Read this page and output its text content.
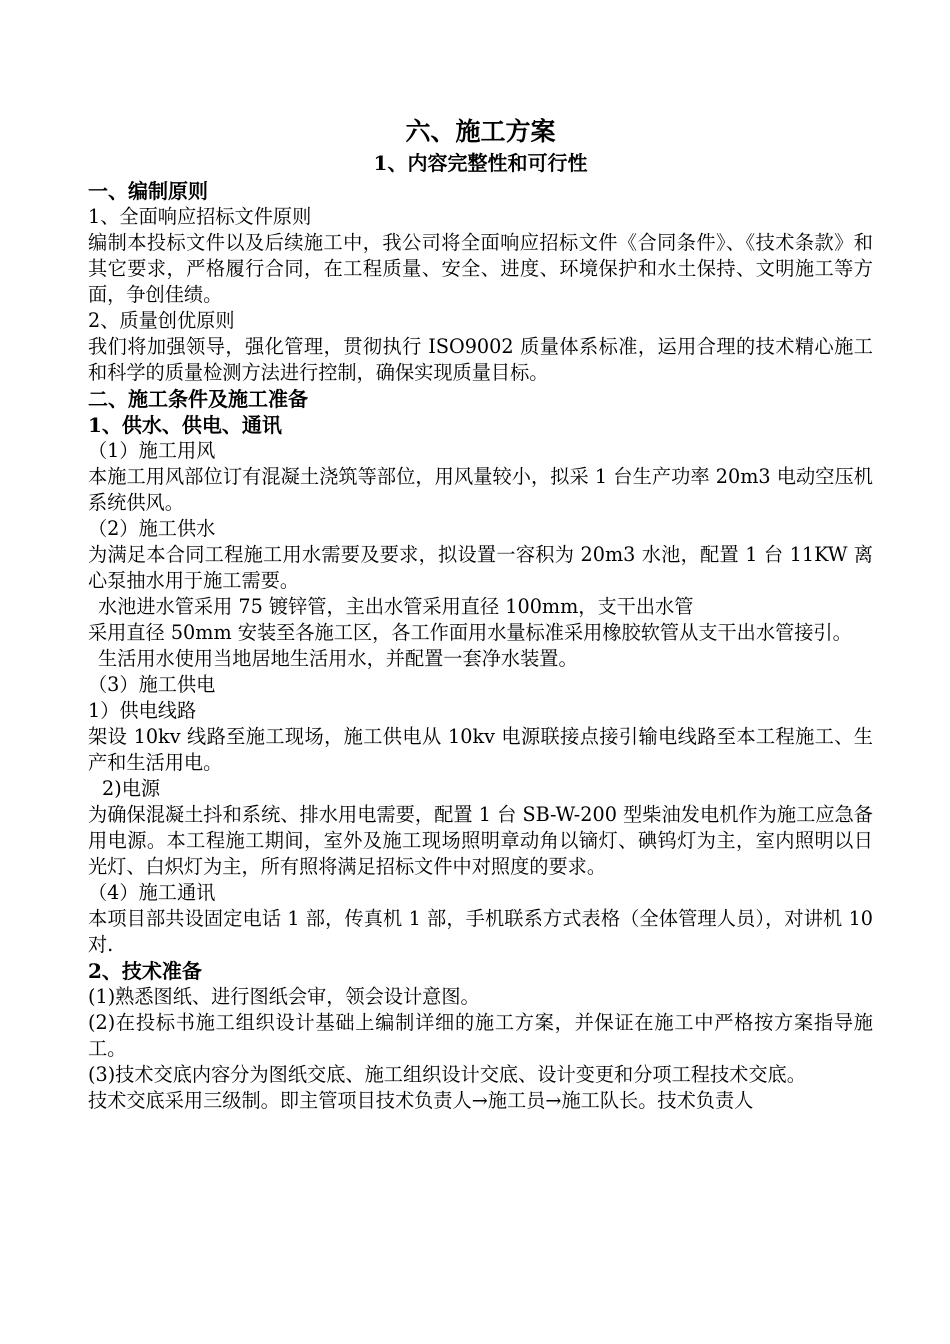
六、施工方案

1、内容完整性和可行性

一、编制原则

1、全面响应招标文件原则

编制本投标文件以及后续施工中，我公司将全面响应招标文件《合同条件》、《技术条款》和其它要求，严格履行合同，在工程质量、安全、进度、环境保护和水土保持、文明施工等方面，争创佳绩。

2、质量创优原则

我们将加强领导，强化管理，贯彻执行 ISO9002 质量体系标准，运用合理的技术精心施工和科学的质量检测方法进行控制，确保实现质量目标。

二、施工条件及施工准备

1、供水、供电、通讯

（1）施工用风

本施工用风部位订有混凝土浇筑等部位，用风量较小，拟采 1 台生产功率 20m3 电动空压机系统供风。

（2）施工供水

为满足本合同工程施工用水需要及要求，拟设置一容积为 20m3 水池，配置 1 台 11KW 离心泵抽水用于施工需要。

水池进水管采用 75 镀锌管，主出水管采用直径 100mm，支干出水管

采用直径 50mm 安装至各施工区，各工作面用水量标准采用橡胶软管从支干出水管接引。

生活用水使用当地居地生活用水，并配置一套净水装置。

（3）施工供电

1）供电线路

架设 10kv 线路至施工现场，施工供电从 10kv 电源联接点接引输电线路至本工程施工、生产和生活用电。

2)电源

为确保混凝土抖和系统、排水用电需要，配置 1 台 SB-W-200 型柴油发电机作为施工应急备用电源。本工程施工期间，室外及施工现场照明章动角以镝灯、碘钨灯为主，室内照明以日光灯、白炽灯为主，所有照将满足招标文件中对照度的要求。

（4）施工通讯

本项目部共设固定电话 1 部，传真机 1 部，手机联系方式表格（全体管理人员），对讲机 10 对.

2、技术准备

(1)熟悉图纸、进行图纸会审，领会设计意图。

(2)在投标书施工组织设计基础上编制详细的施工方案，并保证在施工中严格按方案指导施工。

(3)技术交底内容分为图纸交底、施工组织设计交底、设计变更和分项工程技术交底。

技术交底采用三级制。即主管项目技术负责人→施工员→施工队长。技术负责人
